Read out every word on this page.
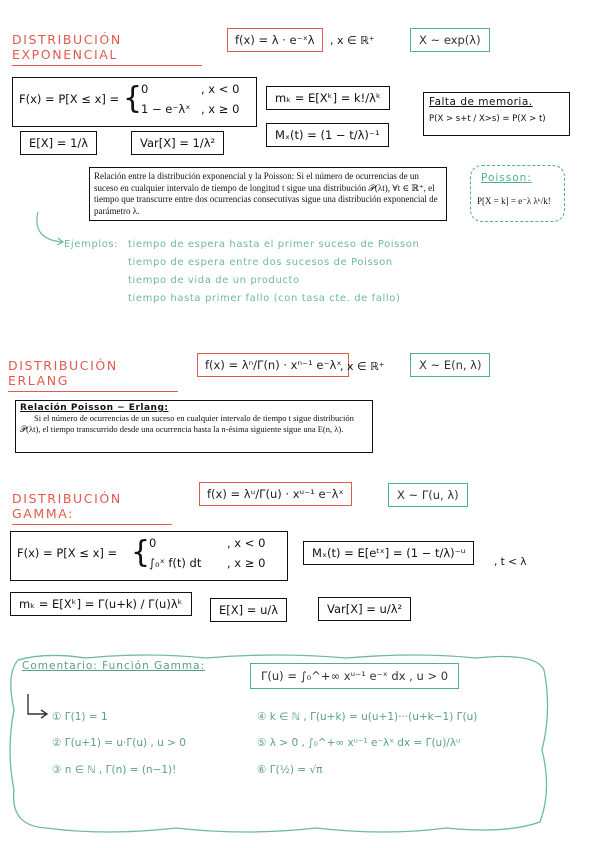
DISTRIBUCIÓN EXPONENCIAL
f(x) = λ · e⁻ˣλ	, x ∈ ℝ⁺	X ~ exp(λ)
F(x) = P[X ≤ x] = {
0	, x < 0
1 − e⁻λˣ , x ≥ 0
mₖ = E[Xᵏ] = k!/λᵏ	Falta de memoria.
P(X > s+t / X>s) = P(X > t)
E[X] = 1/λ	Var[X] = 1/λ²
Mₓ(t) = (1 − t/λ)⁻¹
Relación entre la distribución exponencial y la Poisson: Si el número de ocurrencias de un suceso en cualquier intervalo de tiempo de longitud t sigue una distribución 𝒫(λt), ∀t ∈ ℝ⁺, el tiempo que transcurre entre dos ocurrencias consecutivas sigue una distribución exponencial de parámetro λ.
Poisson:
P[X = k] = e⁻λ λᵏ/k!
Ejemplos: tiempo de espera hasta el primer suceso de Poisson
tiempo de espera entre dos sucesos de Poisson
tiempo de vida de un producto
tiempo hasta primer fallo (con tasa cte. de fallo)
DISTRIBUCIÓN ERLANG
f(x) = λⁿ/Γ(n) · xⁿ⁻¹ e⁻λˣ
, x ∈ ℝ⁺	X ~ E(n, λ)
Relación Poisson − Erlang:
Si el número de ocurrencias de un suceso en cualquier intervalo de tiempo t sigue distribución 𝒫(λt), el tiempo transcurrido desde una ocurrencia hasta la n-ésima siguiente sigue una E(n, λ).
DISTRIBUCIÓN GAMMA:
f(x) = λᵘ/Γ(u) · xᵘ⁻¹ e⁻λˣ	X ~ Γ(u, λ)
F(x) = P[X ≤ x] = {
0	, x < 0
∫₀ˣ f(t) dt , x ≥ 0
Mₓ(t) = E[eᵗˣ] = (1 − t/λ)⁻ᵘ
, t < λ
mₖ = E[Xᵏ] = Γ(u+k) / Γ(u)λᵏ	E[X] = u/λ	Var[X] = u/λ²
Comentario: Función Gamma:
Γ(u) = ∫₀^+∞ xᵘ⁻¹ e⁻ˣ dx , u > 0
① Γ(1) = 1
② Γ(u+1) = u·Γ(u) , u > 0
③ n ∈ ℕ , Γ(n) = (n−1)!
④ k ∈ ℕ , Γ(u+k) = u(u+1)···(u+k−1) Γ(u)
⑤ λ > 0 , ∫₀^+∞ xᵘ⁻¹ e⁻λˣ dx = Γ(u)/λᵘ
⑥ Γ(½) = √π
